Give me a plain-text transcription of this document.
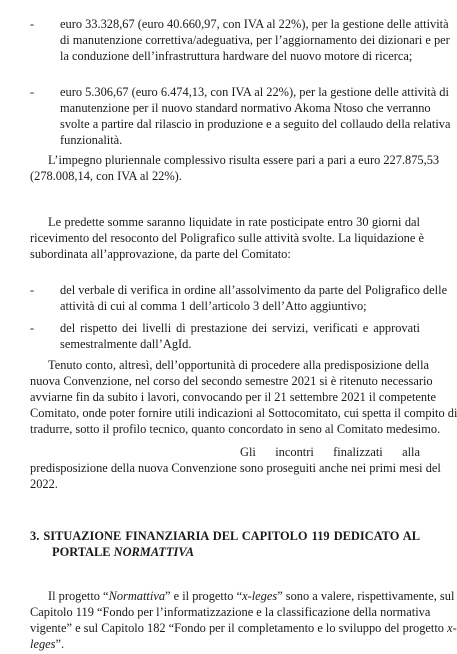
-	euro 33.328,67 (euro 40.660,97, con IVA al 22%), per la gestione delle attività
di manutenzione correttiva/adeguativa, per l’aggiornamento dei dizionari e per
la conduzione dell’infrastruttura hardware del nuovo motore di ricerca;
-	euro 5.306,67 (euro 6.474,13, con IVA al 22%), per la gestione delle attività di
manutenzione per il nuovo standard normativo Akoma Ntoso che verranno
svolte a partire dal rilascio in produzione e a seguito del collaudo della relativa
funzionalità.
L’impegno pluriennale complessivo risulta essere pari a pari a euro 227.875,53
(278.008,14, con IVA al 22%).
Le predette somme saranno liquidate in rate posticipate entro 30 giorni dal
ricevimento del resoconto del Poligrafico sulle attività svolte. La liquidazione è
subordinata all’approvazione, da parte del Comitato:
-	del verbale di verifica in ordine all’assolvimento da parte del Poligrafico delle
attività di cui al comma 1 dell’articolo 3 dell’Atto aggiuntivo;
-	del rispetto dei livelli di prestazione dei servizi, verificati e approvati
semestralmente dall’AgId.
Tenuto conto, altresì, dell’opportunità di procedere alla predisposizione della
nuova Convenzione, nel corso del secondo semestre 2021 si è ritenuto necessario
avviarne fin da subito i lavori, convocando per il 21 settembre 2021 il competente
Comitato, onde poter fornire utili indicazioni al Sottocomitato, cui spetta il compito di
tradurre, sotto il profilo tecnico, quanto concordato in seno al Comitato medesimo.
Gli      incontri      finalizzati      alla
predisposizione della nuova Convenzione sono proseguiti anche nei primi mesi del
2022.
3. SITUAZIONE FINANZIARIA DEL CAPITOLO 119 DEDICATO AL
PORTALE NORMATTIVA
Il progetto “Normattiva” e il progetto “x-leges” sono a valere, rispettivamente, sul
Capitolo 119 “Fondo per l’informatizzazione e la classificazione della normativa
vigente” e sul Capitolo 182 “Fondo per il completamento e lo sviluppo del progetto x-
leges”.
